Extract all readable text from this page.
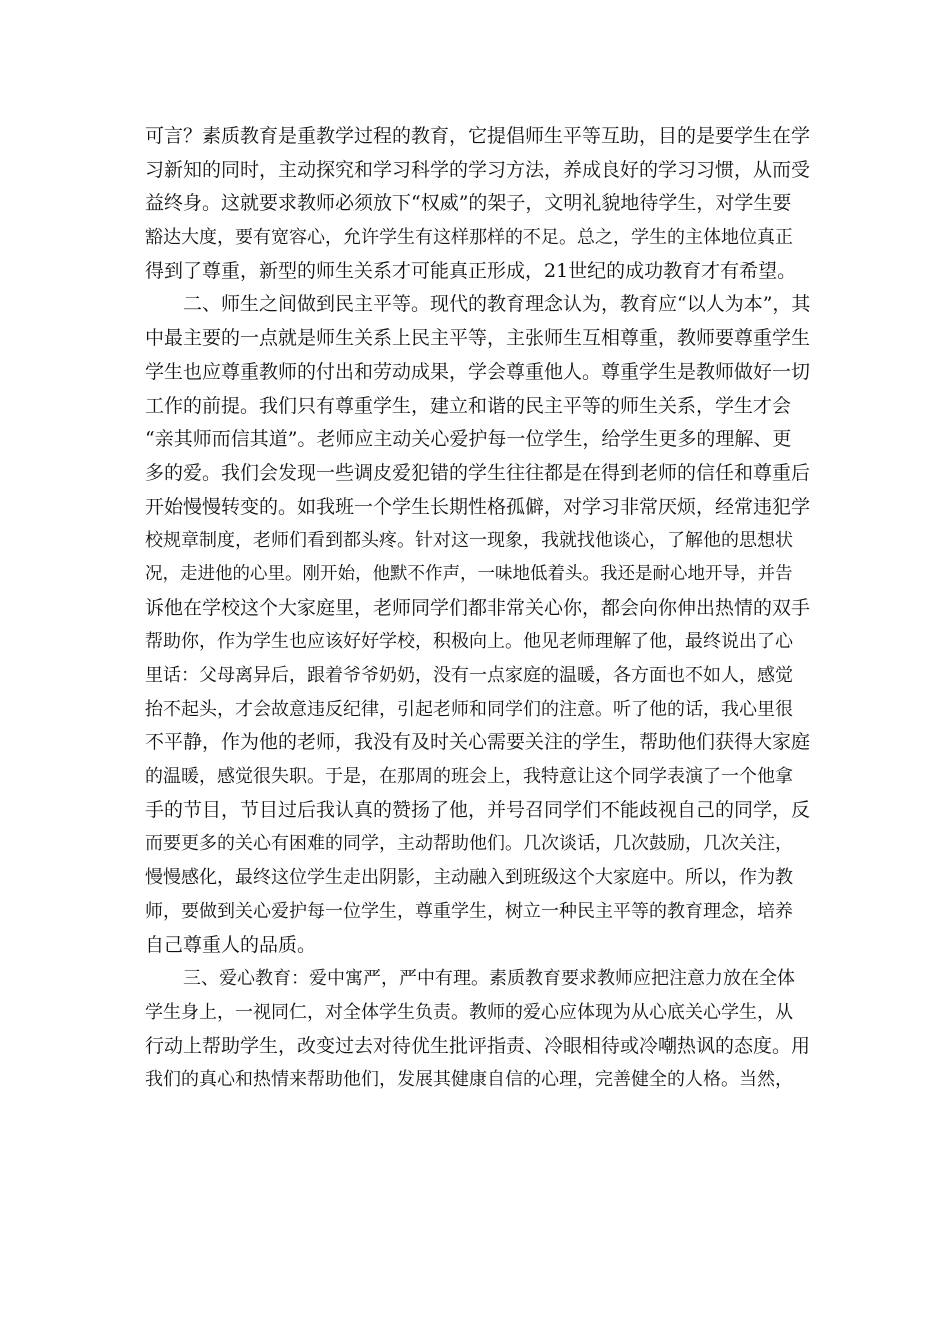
可言？素质教育是重教学过程的教育，它提倡师生平等互助，目的是要学生在学
习新知的同时，主动探究和学习科学的学习方法，养成良好的学习习惯，从而受
益终身。这就要求教师必须放下“权威”的架子，文明礼貌地待学生，对学生要
豁达大度，要有宽容心，允许学生有这样那样的不足。总之，学生的主体地位真正
得到了尊重，新型的师生关系才可能真正形成，21世纪的成功教育才有希望。
二、师生之间做到民主平等。现代的教育理念认为，教育应“以人为本”，其
中最主要的一点就是师生关系上民主平等，主张师生互相尊重，教师要尊重学生
学生也应尊重教师的付出和劳动成果，学会尊重他人。尊重学生是教师做好一切
工作的前提。我们只有尊重学生，建立和谐的民主平等的师生关系，学生才会
“亲其师而信其道”。老师应主动关心爱护每一位学生，给学生更多的理解、更
多的爱。我们会发现一些调皮爱犯错的学生往往都是在得到老师的信任和尊重后
开始慢慢转变的。如我班一个学生长期性格孤僻，对学习非常厌烦，经常违犯学
校规章制度，老师们看到都头疼。针对这一现象，我就找他谈心，了解他的思想状
况，走进他的心里。刚开始，他默不作声，一味地低着头。我还是耐心地开导，并告
诉他在学校这个大家庭里，老师同学们都非常关心你，都会向你伸出热情的双手
帮助你，作为学生也应该好好学校，积极向上。他见老师理解了他，最终说出了心
里话：父母离异后，跟着爷爷奶奶，没有一点家庭的温暖，各方面也不如人，感觉
抬不起头，才会故意违反纪律，引起老师和同学们的注意。听了他的话，我心里很
不平静，作为他的老师，我没有及时关心需要关注的学生，帮助他们获得大家庭
的温暖，感觉很失职。于是，在那周的班会上，我特意让这个同学表演了一个他拿
手的节目，节目过后我认真的赞扬了他，并号召同学们不能歧视自己的同学，反
而要更多的关心有困难的同学，主动帮助他们。几次谈话，几次鼓励，几次关注，
慢慢感化，最终这位学生走出阴影，主动融入到班级这个大家庭中。所以，作为教
师，要做到关心爱护每一位学生，尊重学生，树立一种民主平等的教育理念，培养
自己尊重人的品质。
三、爱心教育：爱中寓严，严中有理。素质教育要求教师应把注意力放在全体
学生身上，一视同仁，对全体学生负责。教师的爱心应体现为从心底关心学生，从
行动上帮助学生，改变过去对待优生批评指责、冷眼相待或冷嘲热讽的态度。用
我们的真心和热情来帮助他们，发展其健康自信的心理，完善健全的人格。当然，
